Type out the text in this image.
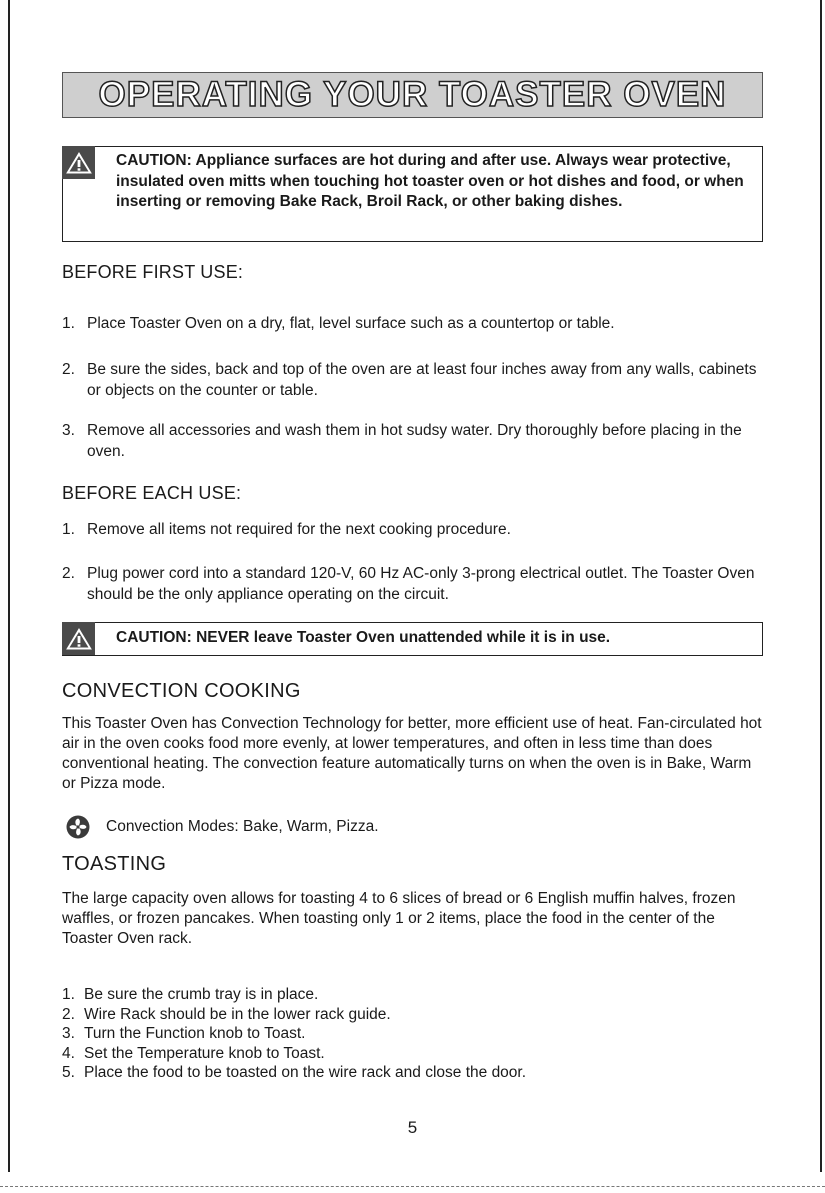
OPERATING YOUR TOASTER OVEN
CAUTION: Appliance surfaces are hot during and after use. Always wear protective, insulated oven mitts when touching hot toaster oven or hot dishes and food, or when inserting or removing Bake Rack, Broil Rack, or other baking dishes.
BEFORE FIRST USE:
1. Place Toaster Oven on a dry, flat, level surface such as a countertop or table.
2. Be sure the sides, back and top of the oven are at least four inches away from any walls, cabinets or objects on the counter or table.
3. Remove all accessories and wash them in hot sudsy water. Dry thoroughly before placing in the oven.
BEFORE EACH USE:
1. Remove all items not required for the next cooking procedure.
2. Plug power cord into a standard 120-V, 60 Hz AC-only 3-prong electrical outlet. The Toaster Oven should be the only appliance operating on the circuit.
CAUTION: NEVER leave Toaster Oven unattended while it is in use.
CONVECTION COOKING
This Toaster Oven has Convection Technology for better, more efficient use of heat. Fan-circulated hot air in the oven cooks food more evenly, at lower temperatures, and often in less time than does conventional heating. The convection feature automatically turns on when the oven is in Bake, Warm or Pizza mode.
Convection Modes: Bake, Warm, Pizza.
TOASTING
The large capacity oven allows for toasting 4 to 6 slices of bread or 6 English muffin halves, frozen waffles, or frozen pancakes. When toasting only 1 or 2 items, place the food in the center of the Toaster Oven rack.
1. Be sure the crumb tray is in place.
2. Wire Rack should be in the lower rack guide.
3. Turn the Function knob to Toast.
4. Set the Temperature knob to Toast.
5. Place the food to be toasted on the wire rack and close the door.
5
